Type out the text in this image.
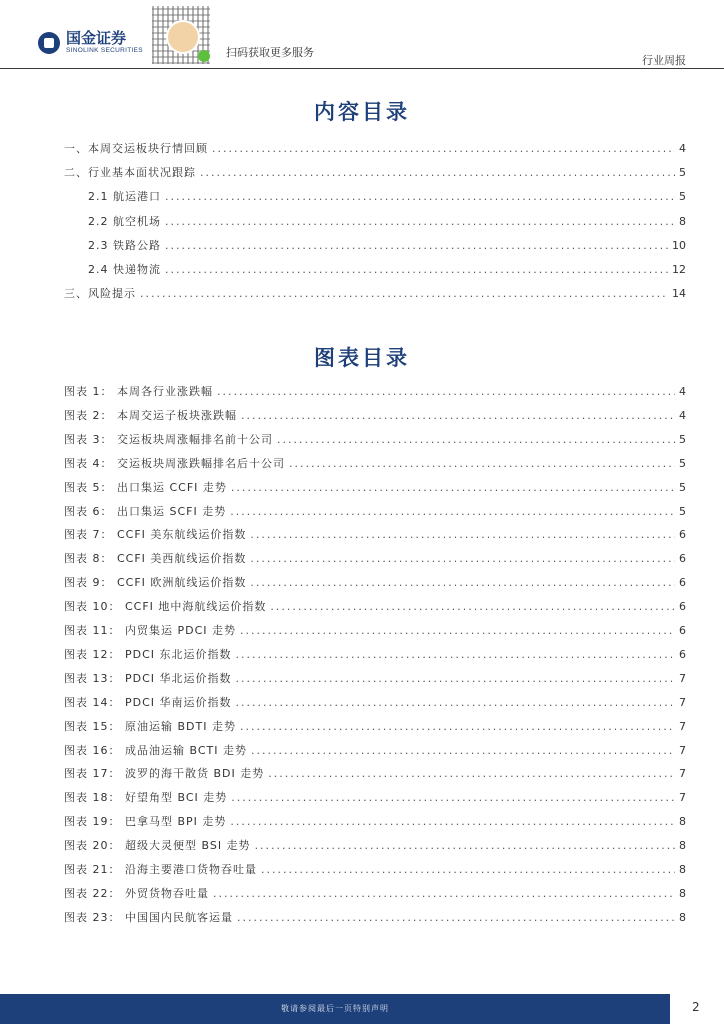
国金证券
SINOLINK SECURITIES	扫码获取更多服务
行业周报
内容目录
一、本周交运板块行情回顾 .....	4
二、行业基本面状况跟踪 .....	5
2.1 航运港口 .....	5
2.2 航空机场 .....	8
2.3 铁路公路 .....	10
2.4 快递物流 .....	12
三、风险提示 .....	14
图表目录
图表 1： 本周各行业涨跌幅 .....	4
图表 2： 本周交运子板块涨跌幅 .....	4
图表 3： 交运板块周涨幅排名前十公司 .....	5
图表 4： 交运板块周涨跌幅排名后十公司 .....	5
图表 5： 出口集运 CCFI 走势 .....	5
图表 6： 出口集运 SCFI 走势 .....	5
图表 7： CCFI 美东航线运价指数 .....	6
图表 8： CCFI 美西航线运价指数 .....	6
图表 9： CCFI 欧洲航线运价指数 .....	6
图表 10： CCFI 地中海航线运价指数 .....	6
图表 11： 内贸集运 PDCI 走势 .....	6
图表 12： PDCI 东北运价指数 .....	6
图表 13： PDCI 华北运价指数 .....	7
图表 14： PDCI 华南运价指数 .....	7
图表 15： 原油运输 BDTI 走势 .....	7
图表 16： 成品油运输 BCTI 走势 .....	7
图表 17： 波罗的海干散货 BDI 走势 .....	7
图表 18： 好望角型 BCI 走势 .....	7
图表 19： 巴拿马型 BPI 走势 .....	8
图表 20： 超级大灵便型 BSI 走势 .....	8
图表 21： 沿海主要港口货物吞吐量 .....	8
图表 22： 外贸货物吞吐量 .....	8
图表 23： 中国国内民航客运量 .....	8
敬请参阅最后一页特别声明	2
